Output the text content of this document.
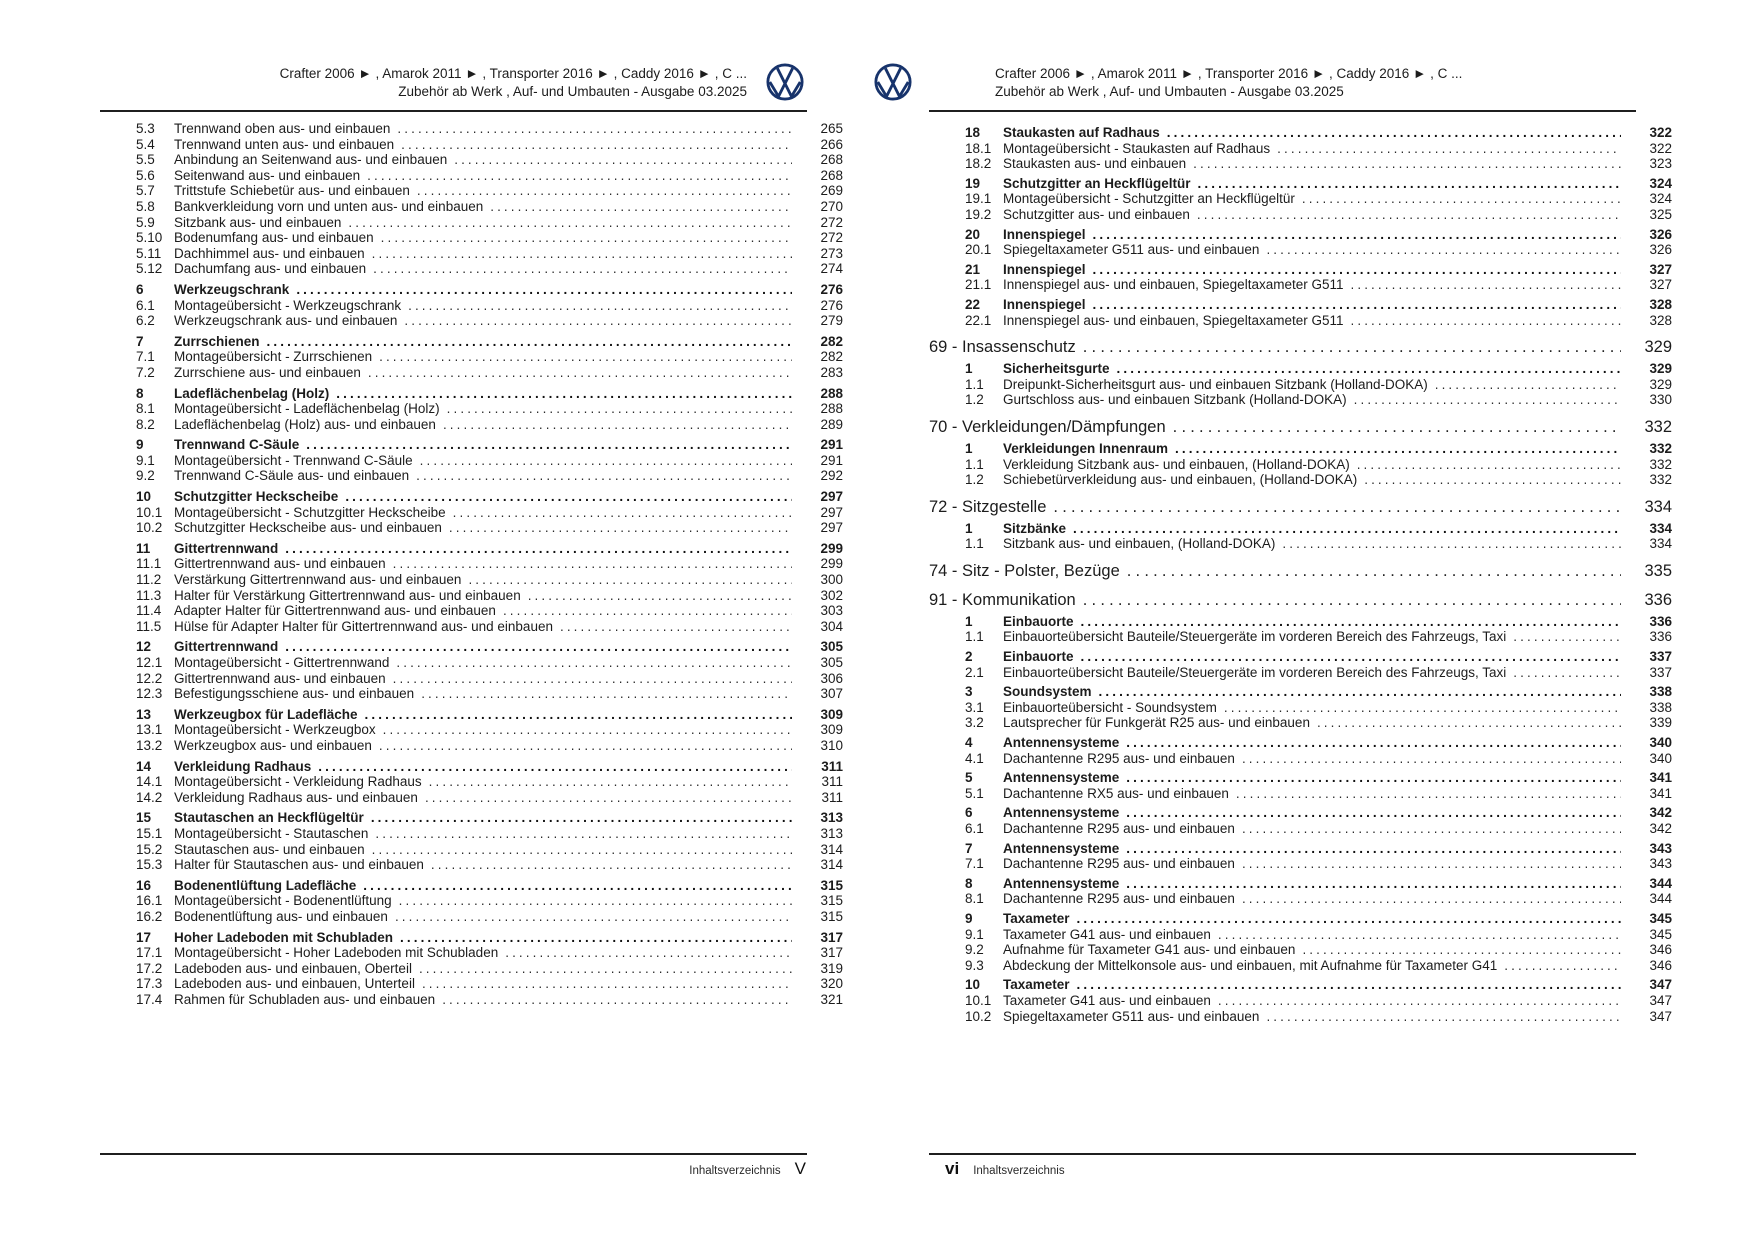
Crafter 2006 ► , Amarok 2011 ► , Transporter 2016 ► , Caddy 2016 ► , C ...
Zubehör ab Werk , Auf- und Umbauten - Ausgabe 03.2025
5.3	Trennwand oben aus- und einbauen .....	265
5.4	Trennwand unten aus- und einbauen .....	266
5.5	Anbindung an Seitenwand aus- und einbauen .....	268
5.6	Seitenwand aus- und einbauen .....	268
5.7	Trittstufe Schiebetür aus- und einbauen .....	269
5.8	Bankverkleidung vorn und unten aus- und einbauen .....	270
5.9	Sitzbank aus- und einbauen .....	272
5.10 Bodenumfang aus- und einbauen .....	272
5.11 Dachhimmel aus- und einbauen .....	273
5.12 Dachumfang aus- und einbauen .....	274
6	Werkzeugschrank .....	276
6.1	Montageübersicht - Werkzeugschrank .....	276
6.2	Werkzeugschrank aus- und einbauen .....	279
7	Zurrschienen .....	282
7.1	Montageübersicht - Zurrschienen .....	282
7.2	Zurrschiene aus- und einbauen .....	283
8	Ladeflächenbelag (Holz) .....	288
8.1	Montageübersicht - Ladeflächenbelag (Holz) .....	288
8.2	Ladeflächenbelag (Holz) aus- und einbauen .....	289
9	Trennwand C-Säule .....	291
9.1	Montageübersicht - Trennwand C-Säule .....	291
9.2	Trennwand C-Säule aus- und einbauen .....	292
10	Schutzgitter Heckscheibe .....	297
10.1 Montageübersicht - Schutzgitter Heckscheibe .....	297
10.2 Schutzgitter Heckscheibe aus- und einbauen .....	297
11	Gittertrennwand .....	299
11.1 Gittertrennwand aus- und einbauen .....	299
11.2 Verstärkung Gittertrennwand aus- und einbauen .....	300
11.3 Halter für Verstärkung Gittertrennwand aus- und einbauen .....	302
11.4 Adapter Halter für Gittertrennwand aus- und einbauen .....	303
11.5 Hülse für Adapter Halter für Gittertrennwand aus- und einbauen .....	304
12	Gittertrennwand .....	305
12.1 Montageübersicht - Gittertrennwand .....	305
12.2 Gittertrennwand aus- und einbauen .....	306
12.3 Befestigungsschiene aus- und einbauen .....	307
13	Werkzeugbox für Ladefläche .....	309
13.1 Montageübersicht - Werkzeugbox .....	309
13.2 Werkzeugbox aus- und einbauen .....	310
14	Verkleidung Radhaus .....	311
14.1 Montageübersicht - Verkleidung Radhaus .....	311
14.2 Verkleidung Radhaus aus- und einbauen .....	311
15	Stautaschen an Heckflügeltür .....	313
15.1 Montageübersicht - Stautaschen .....	313
15.2 Stautaschen aus- und einbauen .....	314
15.3 Halter für Stautaschen aus- und einbauen .....	314
16	Bodenentlüftung Ladefläche .....	315
16.1 Montageübersicht - Bodenentlüftung .....	315
16.2 Bodenentlüftung aus- und einbauen .....	315
17	Hoher Ladeboden mit Schubladen .....	317
17.1 Montageübersicht - Hoher Ladeboden mit Schubladen .....	317
17.2 Ladeboden aus- und einbauen, Oberteil .....	319
17.3 Ladeboden aus- und einbauen, Unterteil .....	320
17.4 Rahmen für Schubladen aus- und einbauen .....	321
Inhaltsverzeichnis V
Crafter 2006 ► , Amarok 2011 ► , Transporter 2016 ► , Caddy 2016 ► , C ...
Zubehör ab Werk , Auf- und Umbauten - Ausgabe 03.2025
18	Staukasten auf Radhaus .....	322
18.1 Montageübersicht - Staukasten auf Radhaus .....	322
18.2 Staukasten aus- und einbauen .....	323
19	Schutzgitter an Heckflügeltür .....	324
19.1 Montageübersicht - Schutzgitter an Heckflügeltür .....	324
19.2 Schutzgitter aus- und einbauen .....	325
20	Innenspiegel .....	326
20.1 Spiegeltaxameter G511 aus- und einbauen .....	326
21	Innenspiegel .....	327
21.1 Innenspiegel aus- und einbauen, Spiegeltaxameter G511 .....	327
22	Innenspiegel .....	328
22.1 Innenspiegel aus- und einbauen, Spiegeltaxameter G511 .....	328
69 - Insassenschutz .....	329
1	Sicherheitsgurte .....	329
1.1	Dreipunkt-Sicherheitsgurt aus- und einbauen Sitzbank (Holland-DOKA) .....	329
1.2	Gurtschloss aus- und einbauen Sitzbank (Holland-DOKA) .....	330
70 - Verkleidungen/Dämpfungen .....	332
1	Verkleidungen Innenraum .....	332
1.1	Verkleidung Sitzbank aus- und einbauen, (Holland-DOKA) .....	332
1.2	Schiebetürverkleidung aus- und einbauen, (Holland-DOKA) .....	332
72 - Sitzgestelle .....	334
1	Sitzbänke .....	334
1.1	Sitzbank aus- und einbauen, (Holland-DOKA) .....	334
74 - Sitz - Polster, Bezüge .....	335
91 - Kommunikation .....	336
1	Einbauorte .....	336
1.1	Einbauorteübersicht Bauteile/Steuergeräte im vorderen Bereich des Fahrzeugs, Taxi .....	336
2	Einbauorte .....	337
2.1	Einbauorteübersicht Bauteile/Steuergeräte im vorderen Bereich des Fahrzeugs, Taxi .....	337
3	Soundsystem .....	338
3.1	Einbauorteübersicht - Soundsystem .....	338
3.2	Lautsprecher für Funkgerät R25 aus- und einbauen .....	339
4	Antennensysteme .....	340
4.1	Dachantenne R295 aus- und einbauen .....	340
5	Antennensysteme .....	341
5.1	Dachantenne RX5 aus- und einbauen .....	341
6	Antennensysteme .....	342
6.1	Dachantenne R295 aus- und einbauen .....	342
7	Antennensysteme .....	343
7.1	Dachantenne R295 aus- und einbauen .....	343
8	Antennensysteme .....	344
8.1	Dachantenne R295 aus- und einbauen .....	344
9	Taxameter .....	345
9.1	Taxameter G41 aus- und einbauen .....	345
9.2	Aufnahme für Taxameter G41 aus- und einbauen .....	346
9.3	Abdeckung der Mittelkonsole aus- und einbauen, mit Aufnahme für Taxameter G41 .....	346
10	Taxameter .....	347
10.1 Taxameter G41 aus- und einbauen .....	347
10.2 Spiegeltaxameter G511 aus- und einbauen .....	347
vi Inhaltsverzeichnis
